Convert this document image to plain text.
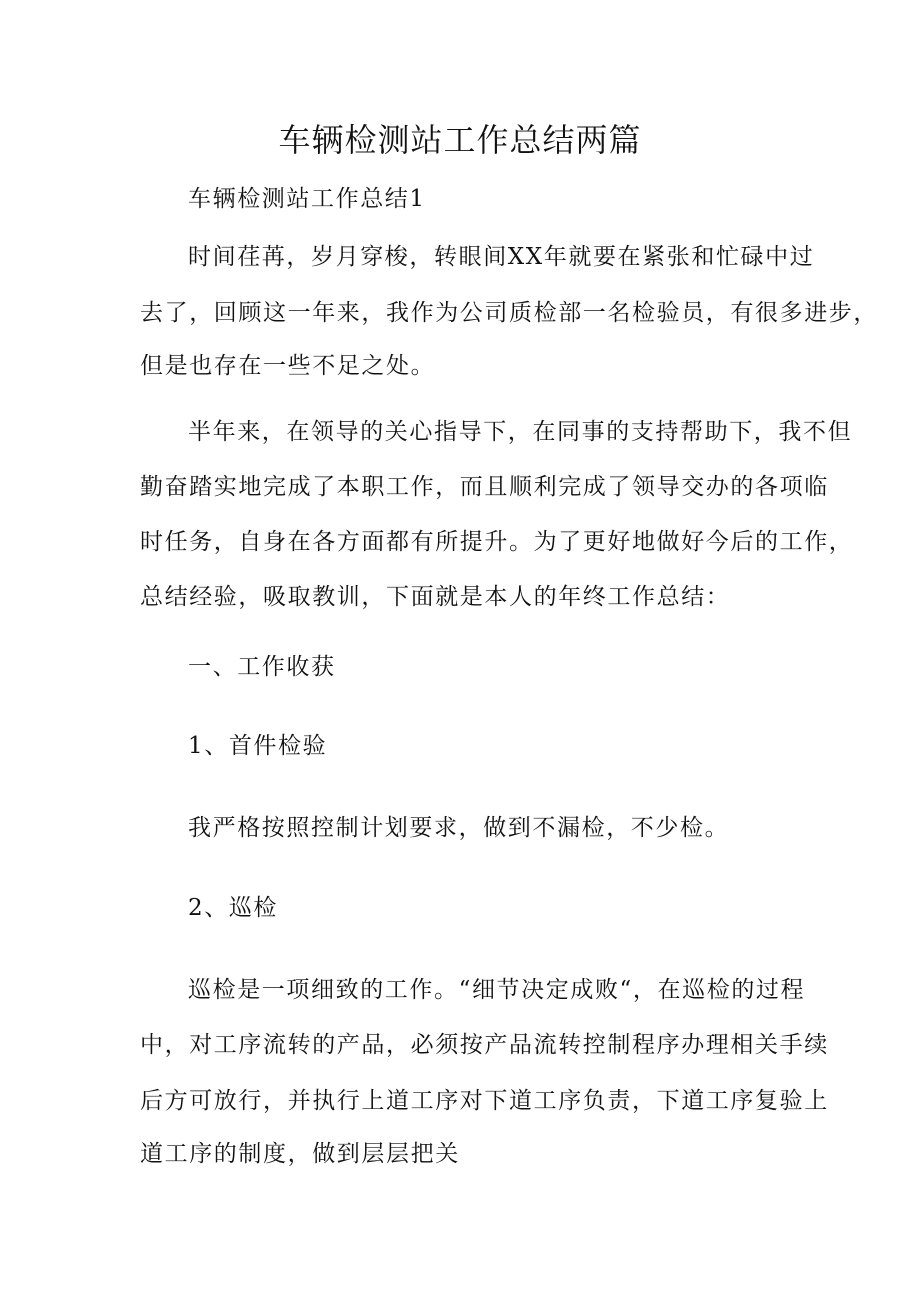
车辆检测站工作总结两篇
车辆检测站工作总结1
时间荏苒，岁月穿梭，转眼间XX年就要在紧张和忙碌中过
去了，回顾这一年来，我作为公司质检部一名检验员，有很多进步，
但是也存在一些不足之处。
半年来，在领导的关心指导下，在同事的支持帮助下，我不但
勤奋踏实地完成了本职工作，而且顺利完成了领导交办的各项临
时任务，自身在各方面都有所提升。为了更好地做好今后的工作，
总结经验，吸取教训，下面就是本人的年终工作总结：
一、工作收获
1、首件检验
我严格按照控制计划要求，做到不漏检，不少检。
2、巡检
巡检是一项细致的工作。“细节决定成败“，在巡检的过程
中，对工序流转的产品，必须按产品流转控制程序办理相关手续
后方可放行，并执行上道工序对下道工序负责，下道工序复验上
道工序的制度，做到层层把关
